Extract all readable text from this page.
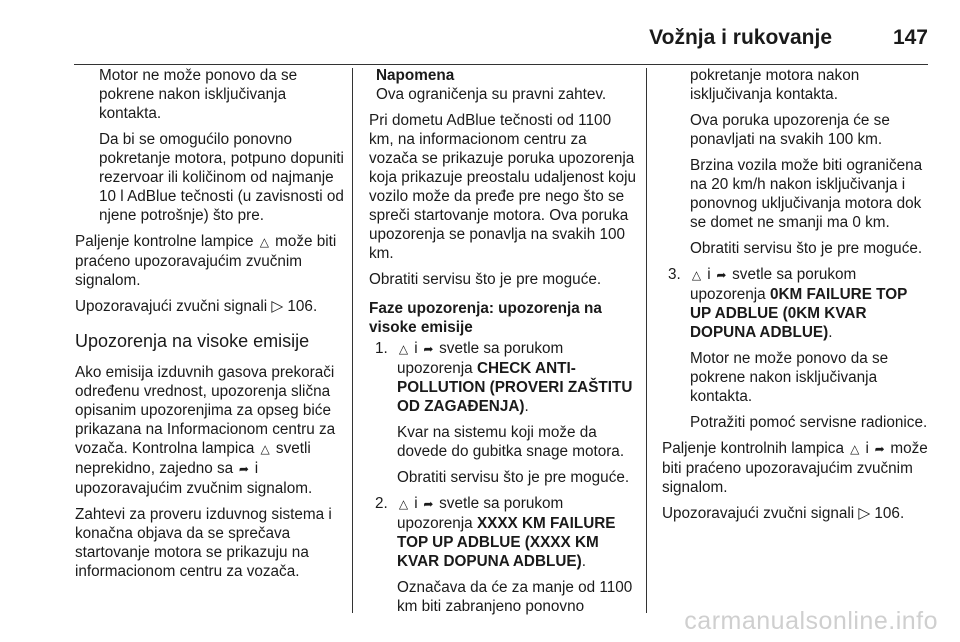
Vožnja i rukovanje	147

Motor ne može ponovo da se pokrene nakon isključivanja kontakta.

Da bi se omogućilo ponovno pokretanje motora, potpuno dopuniti rezervoar ili količinom od najmanje 10 l AdBlue tečnosti (u zavisnosti od njene potrošnje) što pre.

Paljenje kontrolne lampice △ može biti praćeno upozoravajućim zvučnim signalom.

Upozoravajući zvučni signali ▷ 106.

Upozorenja na visoke emisije

Ako emisija izduvnih gasova prekorači određenu vrednost, upozorenja slična opisanim upozorenjima za opseg biće prikazana na Informacionom centru za vozača. Kontrolna lampica △ svetli neprekidno, zajedno sa ➦ i upozoravajućim zvučnim signalom.

Zahtevi za proveru izduvnog sistema i konačna objava da se sprečava startovanje motora se prikazuju na informacionom centru za vozača.

Napomena

Ova ograničenja su pravni zahtev.

Pri dometu AdBlue tečnosti od 1100 km, na informacionom centru za vozača se prikazuje poruka upozorenja koja prikazuje preostalu udaljenost koju vozilo može da pređe pre nego što se spreči startovanje motora. Ova poruka upozorenja se ponavlja na svakih 100 km.

Obratiti servisu što je pre moguće.

Faze upozorenja: upozorenja na visoke emisije
1. △ i ➦ svetle sa porukom upozorenja CHECK ANTI-POLLUTION (PROVERI ZAŠTITU OD ZAGAĐENJA).

Kvar na sistemu koji može da dovede do gubitka snage motora.

Obratiti servisu što je pre moguće.

2. △ i ➦ svetle sa porukom upozorenja XXXX KM FAILURE TOP UP ADBLUE (XXXX KM KVAR DOPUNA ADBLUE).

Označava da će za manje od 1100 km biti zabranjeno ponovno

pokretanje motora nakon isključivanja kontakta.

Ova poruka upozorenja će se ponavljati na svakih 100 km.

Brzina vozila može biti ograničena na 20 km/h nakon isključivanja i ponovnog uključivanja motora dok se domet ne smanji ma 0 km.

Obratiti servisu što je pre moguće.

3. △ i ➦ svetle sa porukom upozorenja 0KM FAILURE TOP UP ADBLUE (0KM KVAR DOPUNA ADBLUE).

Motor ne može ponovo da se pokrene nakon isključivanja kontakta.

Potražiti pomoć servisne radionice.

Paljenje kontrolnih lampica △ i ➦ može biti praćeno upozoravajućim zvučnim signalom.

Upozoravajući zvučni signali ▷ 106.

carmanualsonline.info
